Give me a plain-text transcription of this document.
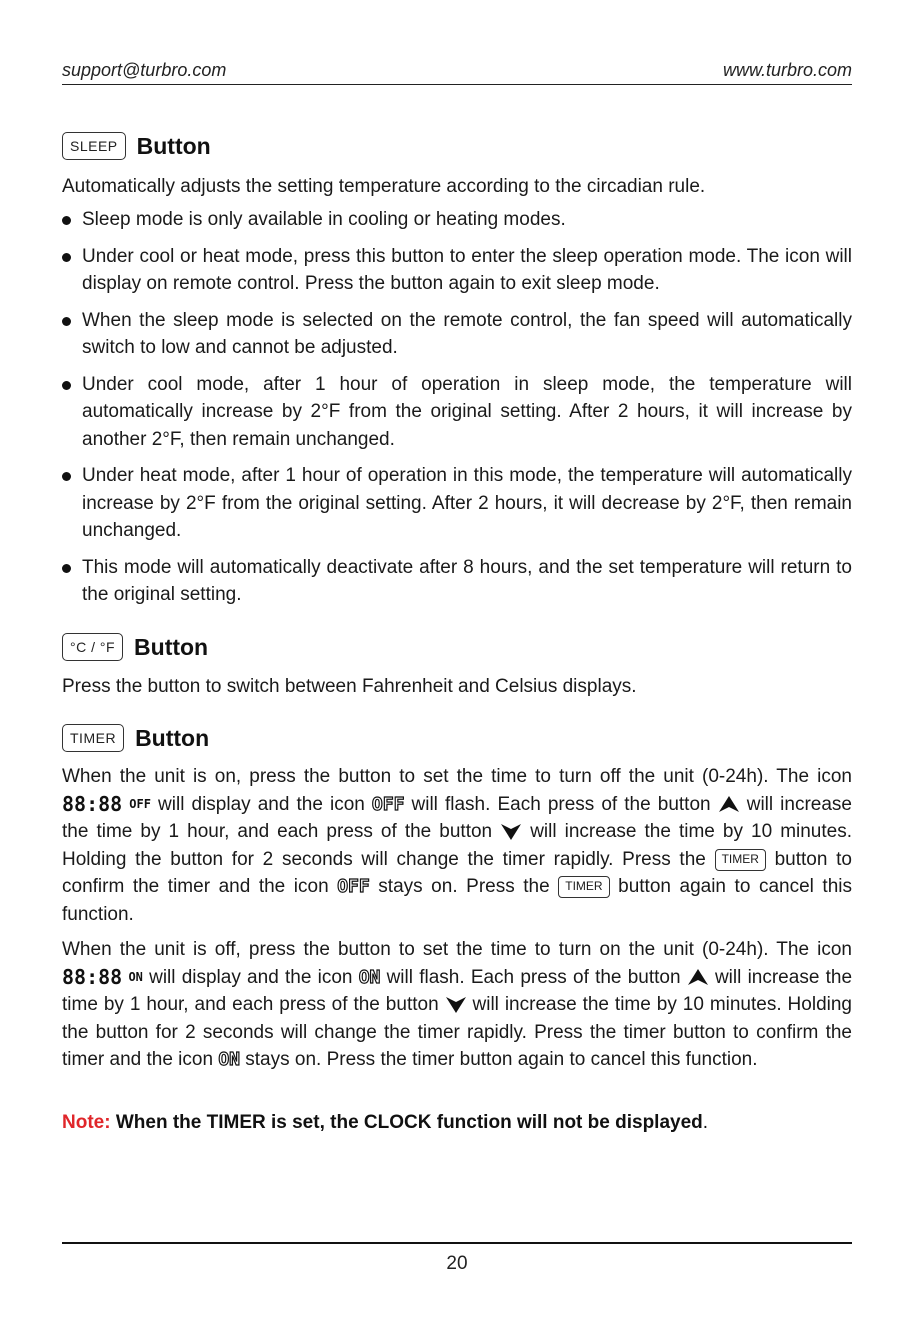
support@turbro.com	www.turbro.com
SLEEP Button
Automatically adjusts the setting temperature according to the circadian rule.
Sleep mode is only available in cooling or heating modes.
Under cool or heat mode, press this button to enter the sleep operation mode. The icon will display on remote control. Press the button again to exit sleep mode.
When the sleep mode is selected on the remote control, the fan speed will automatically switch to low and cannot be adjusted.
Under cool mode, after 1 hour of operation in sleep mode, the temperature will automatically increase by 2°F from the original setting. After 2 hours, it will increase by another 2°F, then remain unchanged.
Under heat mode, after 1 hour of operation in this mode, the temperature will automatically increase by 2°F from the original setting. After 2 hours, it will decrease by 2°F, then remain unchanged.
This mode will automatically deactivate after 8 hours, and the set temperature will return to the original setting.
°C / °F Button
Press the button to switch between Fahrenheit and Celsius displays.
TIMER Button
When the unit is on, press the button to set the time to turn off the unit (0-24h). The icon 88:88 OFF will display and the icon OFF will flash. Each press of the button  will increase the time by 1 hour, and each press of the button  will increase the time by 10 minutes. Holding the button for 2 seconds will change the timer rapidly. Press the TIMER button to confirm the timer and the icon OFF stays on. Press the TIMER button again to cancel this function.
When the unit is off, press the button to set the time to turn on the unit (0-24h). The icon 88:88 ON will display and the icon ON will flash. Each press of the button  will increase the time by 1 hour, and each press of the button  will increase the time by 10 minutes. Holding the button for 2 seconds will change the timer rapidly. Press the timer button to confirm the timer and the icon ON stays on. Press the timer button again to cancel this function.
Note: When the TIMER is set, the CLOCK function will not be displayed.
20
